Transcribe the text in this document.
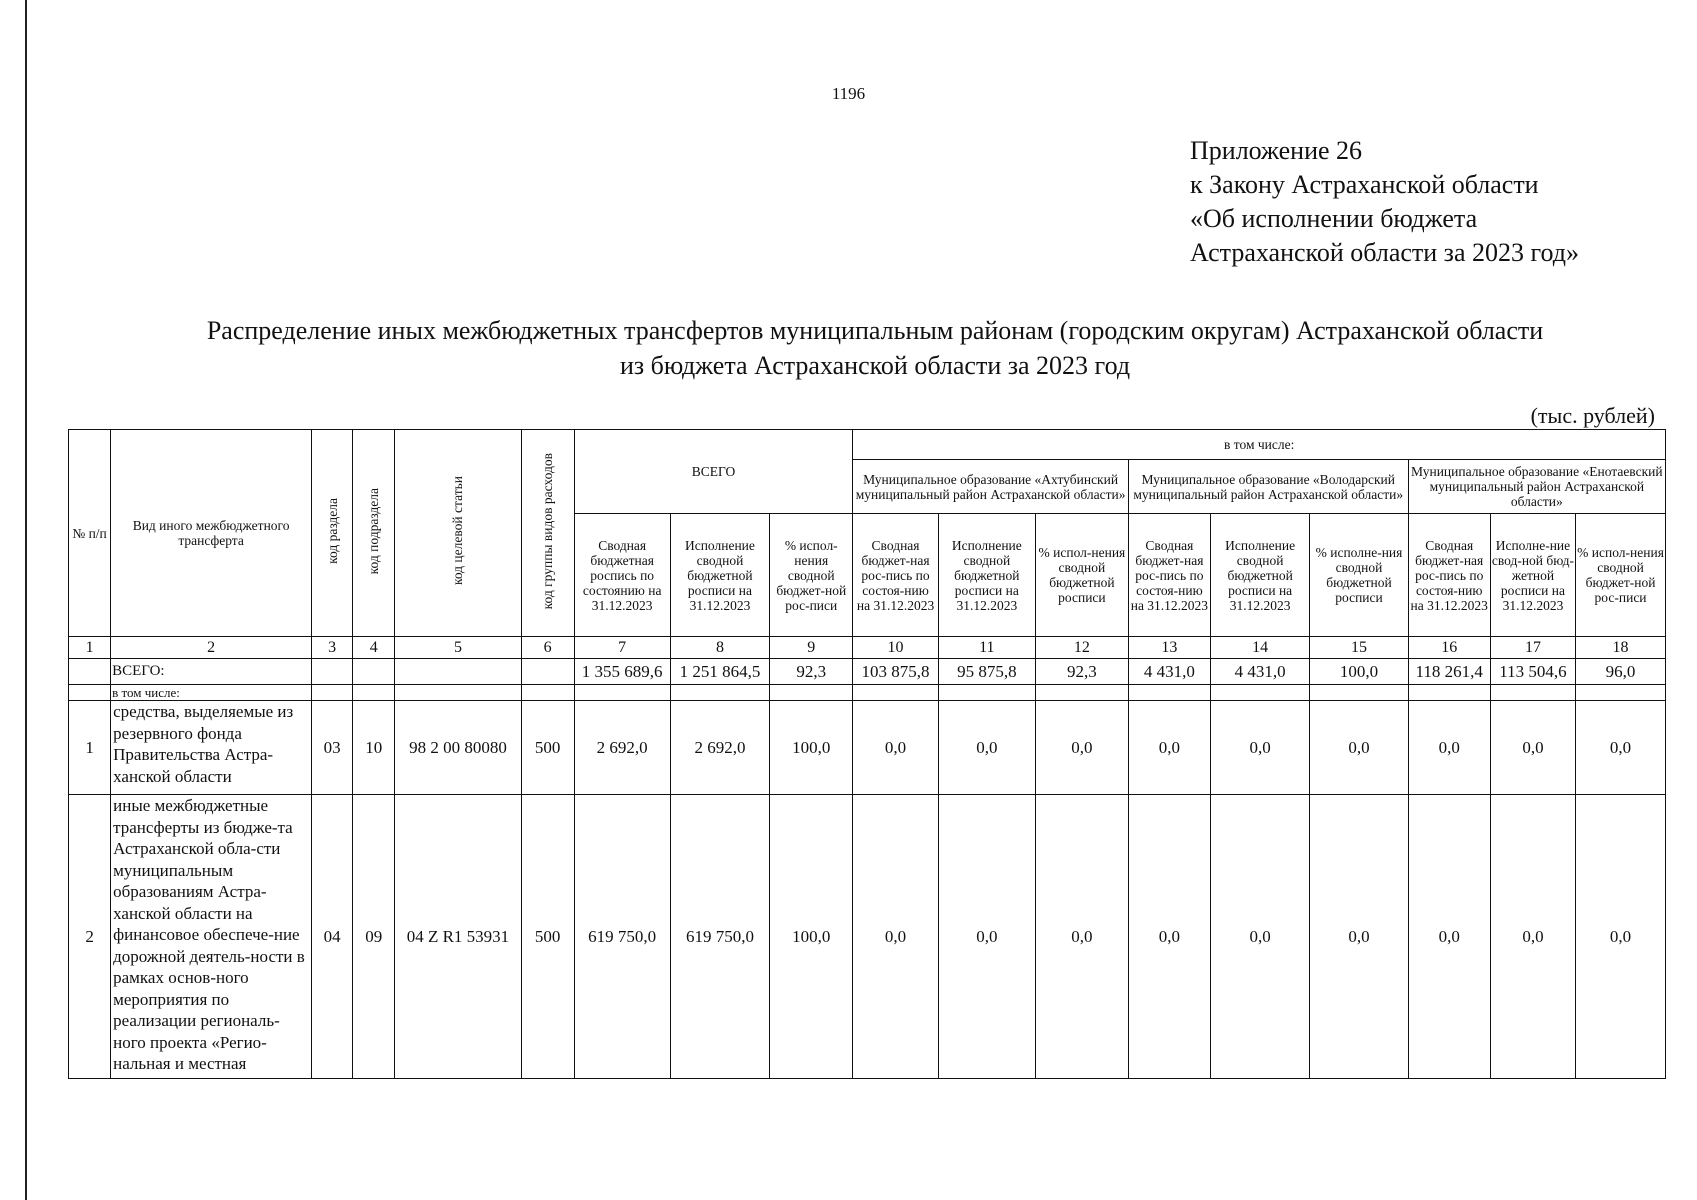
1196
Приложение 26
к Закону Астраханской области
«Об исполнении бюджета
Астраханской области за 2023 год»
Распределение иных межбюджетных трансфертов муниципальным районам (городским округам) Астраханской области
из бюджета Астраханской области за 2023 год
(тыс. рублей)
№ п/п	Вид иного межбюджетного трансферта	код раздела	код подраздела	код целевой статьи	код группы видов расходов	ВСЕГО			в том числе:								
									Муниципальное образование «Ахтубинский муниципальный район Астраханской области»			Муниципальное образование «Володарский муниципальный район Астраханской области»			Муниципальное образование «Енотаевский муниципальный район Астраханской области»		
						Сводная бюджетная роспись по состоянию на 31.12.2023	Исполнение сводной бюджетной росписи на 31.12.2023	% испол-нения сводной бюджет-ной рос-писи	Сводная бюджет-ная рос-пись по состоя-нию на 31.12.2023	Исполнение сводной бюджетной росписи на 31.12.2023	% испол-нения сводной бюджетной росписи	Сводная бюджет-ная рос-пись по состоя-нию на 31.12.2023	Исполнение сводной бюджетной росписи на 31.12.2023	% исполне-ния сводной бюджетной росписи	Сводная бюджет-ная рос-пись по состоя-нию на 31.12.2023	Исполне-ние свод-ной бюд-жетной росписи на 31.12.2023	% испол-нения сводной бюджет-ной рос-писи
1	2	3	4	5	6	7	8	9	10	11	12	13	14	15	16	17	18
	ВСЕГО:					1 355 689,6	1 251 864,5	92,3	103 875,8	95 875,8	92,3	4 431,0	4 431,0	100,0	118 261,4	113 504,6	96,0
	в том числе:																
1	средства, выделяемые из резервного фонда Правительства Астра-ханской области	03	10	98 2 00 80080	500	2 692,0	2 692,0	100,0	0,0	0,0	0,0	0,0	0,0	0,0	0,0	0,0	0,0
2	иные межбюджетные трансферты из бюдже-та Астраханской обла-сти муниципальным образованиям Астра-ханской области на финансовое обеспече-ние дорожной деятель-ности в рамках основ-ного мероприятия по реализации региональ-ного проекта «Регио-нальная и местная	04	09	04 Z R1 53931	500	619 750,0	619 750,0	100,0	0,0	0,0	0,0	0,0	0,0	0,0	0,0	0,0	0,0
